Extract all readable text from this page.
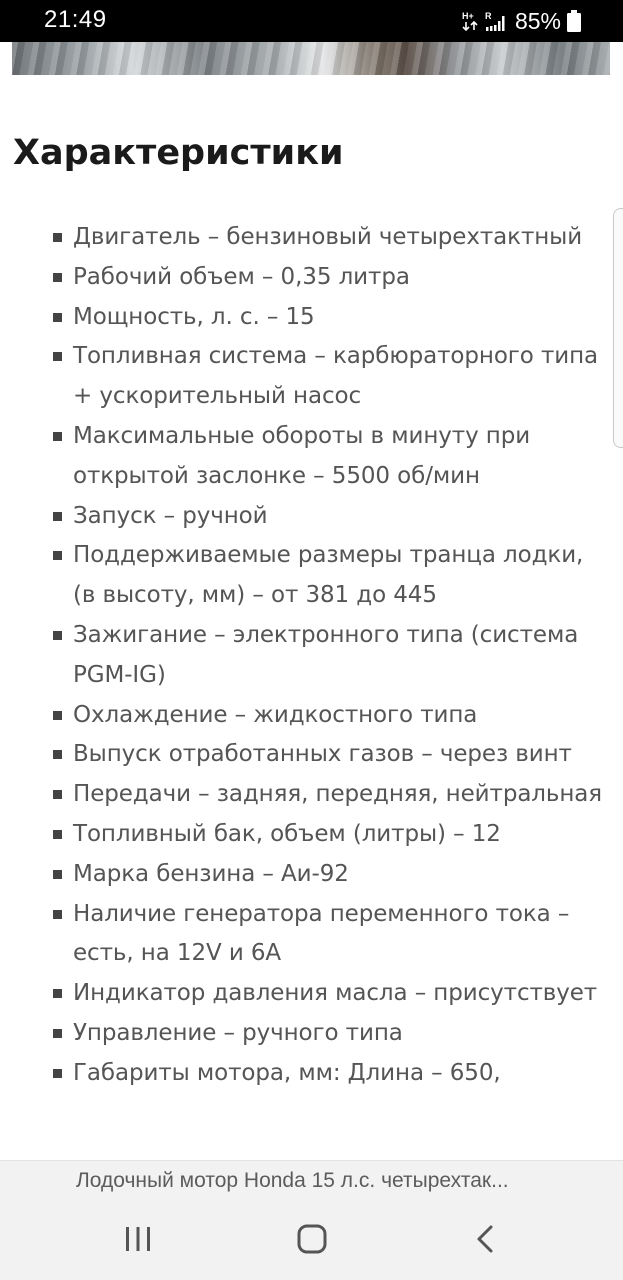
21:49	H+ R 85%
Характеристики
Двигатель – бензиновый четырехтактный
Рабочий объем – 0,35 литра
Мощность, л. с. – 15
Топливная система – карбюраторного типа + ускорительный насос
Максимальные обороты в минуту при открытой заслонке – 5500 об/мин
Запуск – ручной
Поддерживаемые размеры транца лодки, (в высоту, мм) – от 381 до 445
Зажигание – электронного типа (система PGM-IG)
Охлаждение – жидкостного типа
Выпуск отработанных газов – через винт
Передачи – задняя, передняя, нейтральная
Топливный бак, объем (литры) – 12
Марка бензина – Аи-92
Наличие генератора переменного тока – есть, на 12V и 6А
Индикатор давления масла – присутствует
Управление – ручного типа
Габариты мотора, мм: Длина – 650,
Лодочный мотор Honda 15 л.с. четырехтак...
